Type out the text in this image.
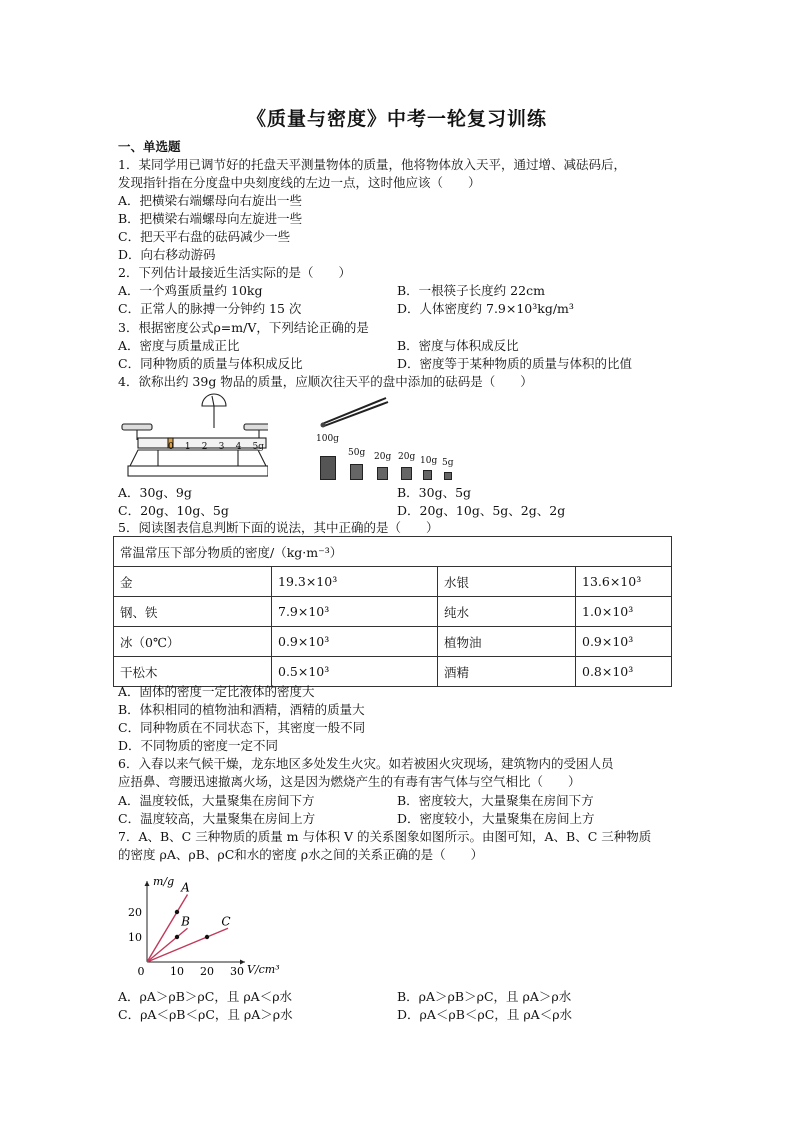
《质量与密度》中考一轮复习训练
一、单选题
1．某同学用已调节好的托盘天平测量物体的质量，他将物体放入天平，通过增、减砝码后，
发现指针指在分度盘中央刻度线的左边一点，这时他应该（　　）
A．把横梁右端螺母向右旋出一些
B．把横梁右端螺母向左旋进一些
C．把天平右盘的砝码减少一些
D．向右移动游码
2．下列估计最接近生活实际的是（　　）
A．一个鸡蛋质量约 10kg	B．一根筷子长度约 22cm
C．正常人的脉搏一分钟约 15 次	D．人体密度约 7.9×10³kg/m³
3．根据密度公式ρ=m/V，下列结论正确的是
A．密度与质量成正比	B．密度与体积成反比
C．同种物质的质量与体积成反比	D．密度等于某种物质的质量与体积的比值
4．欲称出约 39g 物品的质量，应顺次往天平的盘中添加的砝码是（　　）
0 1 2 3 4 5g
100g
50g 20g 20g 10g 5g
A．30g、9g	B．30g、5g
C．20g、10g、5g	D．20g、10g、5g、2g、2g
5．阅读图表信息判断下面的说法，其中正确的是（　　）
常温常压下部分物质的密度/（kg·m⁻³）			
金	19.3×10³	水银	13.6×10³
钢、铁	7.9×10³	纯水	1.0×10³
冰（0℃）	0.9×10³	植物油	0.9×10³
干松木	0.5×10³	酒精	0.8×10³
A．固体的密度一定比液体的密度大
B．体积相同的植物油和酒精，酒精的质量大
C．同种物质在不同状态下，其密度一般不同
D．不同物质的密度一定不同
6．入春以来气候干燥，龙东地区多处发生火灾。如若被困火灾现场，建筑物内的受困人员
应捂鼻、弯腰迅速撤离火场，这是因为燃烧产生的有毒有害气体与空气相比（　　）
A．温度较低，大量聚集在房间下方	B．密度较大，大量聚集在房间下方
C．温度较高，大量聚集在房间上方	D．密度较小，大量聚集在房间上方
7．A、B、C 三种物质的质量 m 与体积 V 的关系图象如图所示。由图可知，A、B、C 三种物质
的密度 ρA、ρB、ρC和水的密度 ρ水之间的关系正确的是（　　）
0 10 20 30
10
20
V/cm³
m/g A
B	C
A．ρA＞ρB＞ρC，且 ρA＜ρ水	B．ρA＞ρB＞ρC，且 ρA＞ρ水
C．ρA＜ρB＜ρC，且 ρA＞ρ水	D．ρA＜ρB＜ρC，且 ρA＜ρ水
